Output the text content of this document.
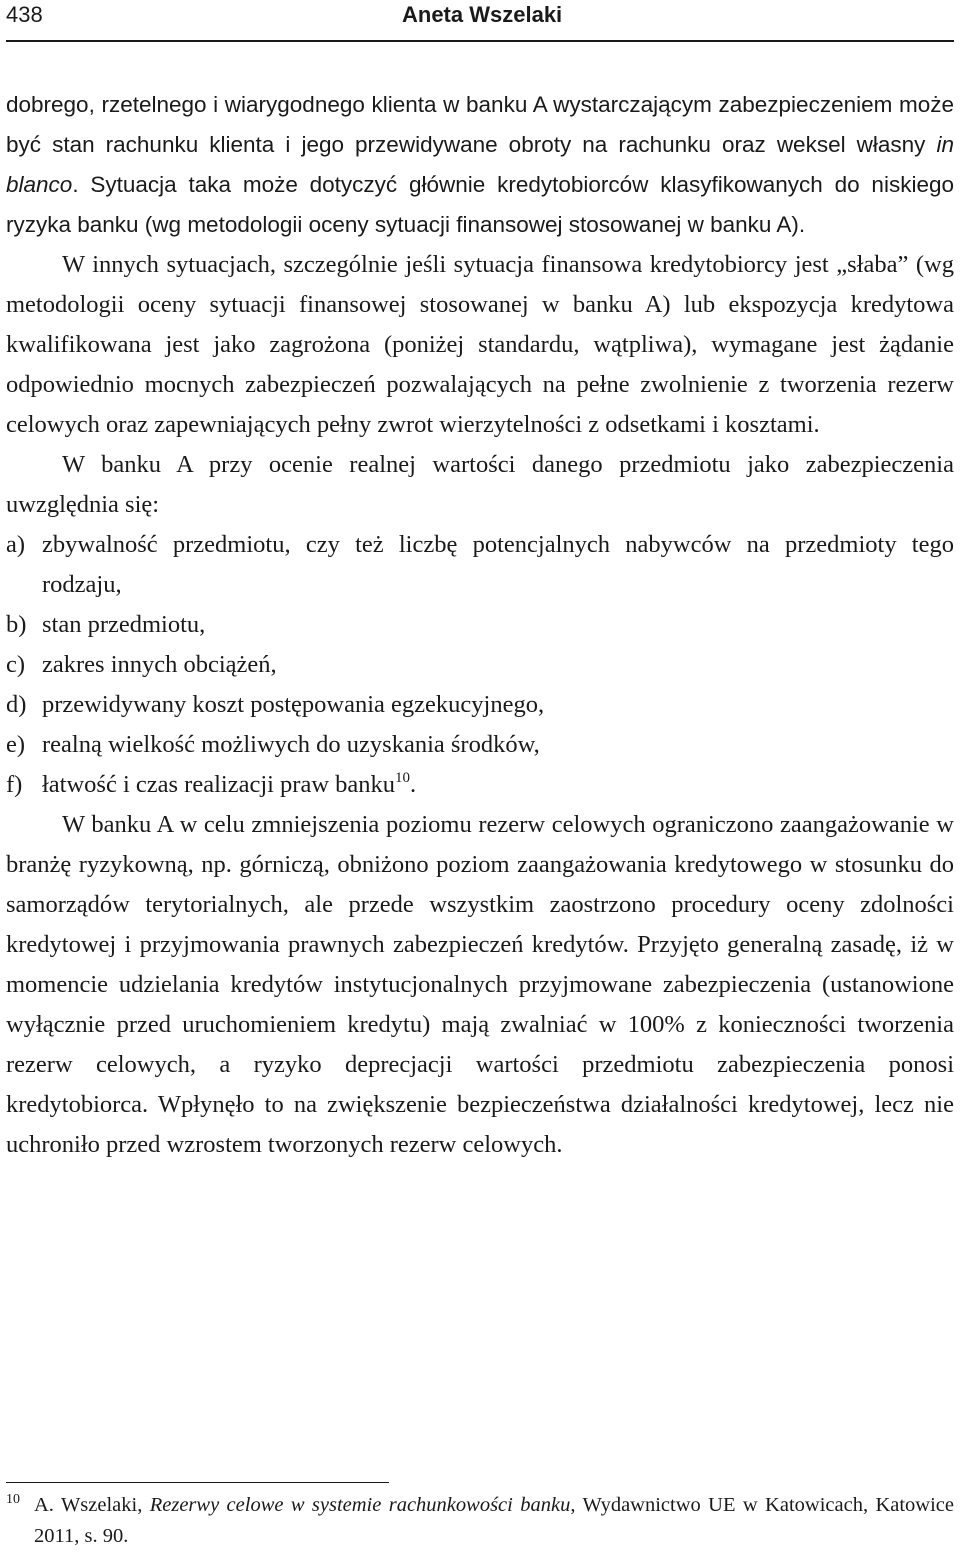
438	Aneta Wszelaki

dobrego, rzetelnego i wiarygodnego klienta w banku A wystarczającym zabezpieczeniem może być stan rachunku klienta i jego przewidywane obroty na rachunku oraz weksel własny in blanco. Sytuacja taka może dotyczyć głównie kredytobiorców klasyfikowanych do niskiego ryzyka banku (wg metodologii oceny sytuacji finansowej stosowanej w banku A).

W innych sytuacjach, szczególnie jeśli sytuacja finansowa kredytobiorcy jest „słaba” (wg metodologii oceny sytuacji finansowej stosowanej w banku A) lub ekspozycja kredytowa kwalifikowana jest jako zagrożona (poniżej standardu, wątpliwa), wymagane jest żądanie odpowiednio mocnych zabezpieczeń pozwalających na pełne zwolnienie z tworzenia rezerw celowych oraz zapewniających pełny zwrot wierzytelności z odsetkami i kosztami.

W banku A przy ocenie realnej wartości danego przedmiotu jako zabezpieczenia uwzględnia się:

a) zbywalność przedmiotu, czy też liczbę potencjalnych nabywców na przedmioty tego rodzaju,
b) stan przedmiotu,
c) zakres innych obciążeń,
d) przewidywany koszt postępowania egzekucyjnego,
e) realną wielkość możliwych do uzyskania środków,
f) łatwość i czas realizacji praw banku$^{10}$.

W banku A w celu zmniejszenia poziomu rezerw celowych ograniczono zaangażowanie w branżę ryzykowną, np. górniczą, obniżono poziom zaangażowania kredytowego w stosunku do samorządów terytorialnych, ale przede wszystkim zaostrzono procedury oceny zdolności kredytowej i przyjmowania prawnych zabezpieczeń kredytów. Przyjęto generalną zasadę, iż w momencie udzielania kredytów instytucjonalnych przyjmowane zabezpieczenia (ustanowione wyłącznie przed uruchomieniem kredytu) mają zwalniać w 100% z konieczności tworzenia rezerw celowych, a ryzyko deprecjacji wartości przedmiotu zabezpieczenia ponosi kredytobiorca. Wpłynęło to na zwiększenie bezpieczeństwa działalności kredytowej, lecz nie uchroniło przed wzrostem tworzonych rezerw celowych.

10 A. Wszelaki, Rezerwy celowe w systemie rachunkowości banku, Wydawnictwo UE w Katowicach, Katowice 2011, s. 90.
